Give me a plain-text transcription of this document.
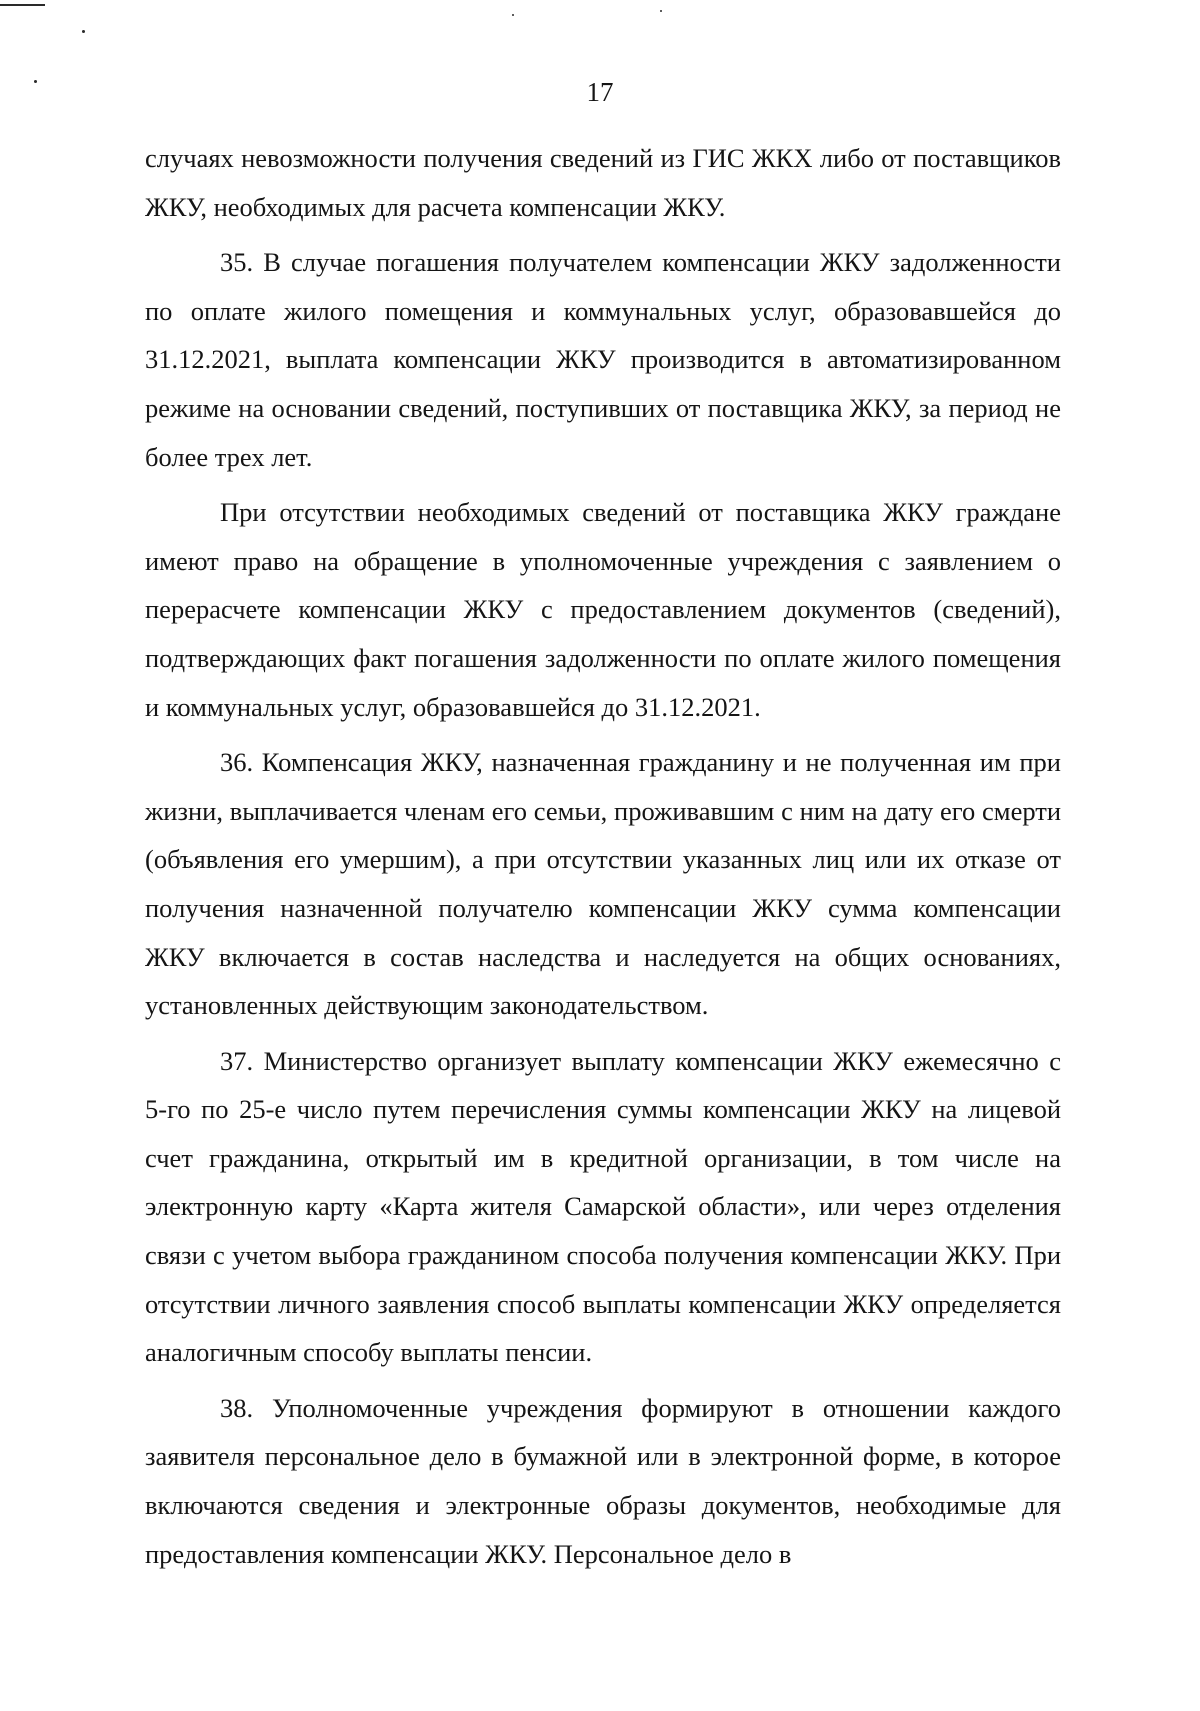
17

случаях невозможности получения сведений из ГИС ЖКХ либо от поставщиков ЖКУ, необходимых для расчета компенсации ЖКУ.

35. В случае погашения получателем компенсации ЖКУ задолженности по оплате жилого помещения и коммунальных услуг, образовавшейся до 31.12.2021, выплата компенсации ЖКУ производится в автоматизированном режиме на основании сведений, поступивших от поставщика ЖКУ, за период не более трех лет.

При отсутствии необходимых сведений от поставщика ЖКУ граждане имеют право на обращение в уполномоченные учреждения с заявлением о перерасчете компенсации ЖКУ с предоставлением документов (сведений), подтверждающих факт погашения задолженности по оплате жилого помещения и коммунальных услуг, образовавшейся до 31.12.2021.

36. Компенсация ЖКУ, назначенная гражданину и не полученная им при жизни, выплачивается членам его семьи, проживавшим с ним на дату его смерти (объявления его умершим), а при отсутствии указанных лиц или их отказе от получения назначенной получателю компенсации ЖКУ сумма компенсации ЖКУ включается в состав наследства и наследуется на общих основаниях, установленных действующим законодательством.

37. Министерство организует выплату компенсации ЖКУ ежемесячно с 5-го по 25-е число путем перечисления суммы компенсации ЖКУ на лицевой счет гражданина, открытый им в кредитной организации, в том числе на электронную карту «Карта жителя Самарской области», или через отделения связи с учетом выбора гражданином способа получения компенсации ЖКУ. При отсутствии личного заявления способ выплаты компенсации ЖКУ определяется аналогичным способу выплаты пенсии.

38. Уполномоченные учреждения формируют в отношении каждого заявителя персональное дело в бумажной или в электронной форме, в которое включаются сведения и электронные образы документов, необходимые для предоставления компенсации ЖКУ. Персональное дело в
